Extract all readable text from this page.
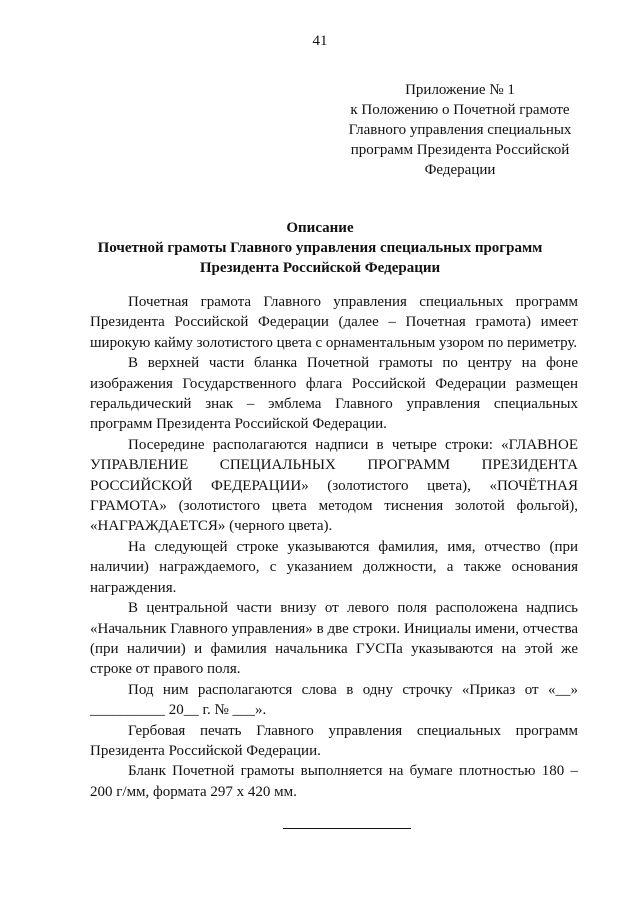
41
Приложение № 1
к Положению о Почетной грамоте
Главного управления специальных
программ Президента Российской
Федерации
Описание
Почетной грамоты Главного управления специальных программ
Президента Российской Федерации

Почетная грамота Главного управления специальных программ Президента Российской Федерации (далее – Почетная грамота) имеет широкую кайму золотистого цвета с орнаментальным узором по периметру.

В верхней части бланка Почетной грамоты по центру на фоне изображения Государственного флага Российской Федерации размещен геральдический знак – эмблема Главного управления специальных программ Президента Российской Федерации.

Посередине располагаются надписи в четыре строки: «ГЛАВНОЕ УПРАВЛЕНИЕ СПЕЦИАЛЬНЫХ ПРОГРАММ ПРЕЗИДЕНТА РОССИЙСКОЙ ФЕДЕРАЦИИ» (золотистого цвета), «ПОЧЁТНАЯ ГРАМОТА» (золотистого цвета методом тиснения золотой фольгой), «НАГРАЖДАЕТСЯ» (черного цвета).

На следующей строке указываются фамилия, имя, отчество (при наличии) награждаемого, с указанием должности, а также основания награждения.

В центральной части внизу от левого поля расположена надпись «Начальник Главного управления» в две строки. Инициалы имени, отчества (при наличии) и фамилия начальника ГУСПа указываются на этой же строке от правого поля.

Под ним располагаются слова в одну строчку «Приказ от «__» __________ 20__ г. № ___».

Гербовая печать Главного управления специальных программ Президента Российской Федерации.

Бланк Почетной грамоты выполняется на бумаге плотностью 180 – 200 г/мм, формата 297 х 420 мм.
